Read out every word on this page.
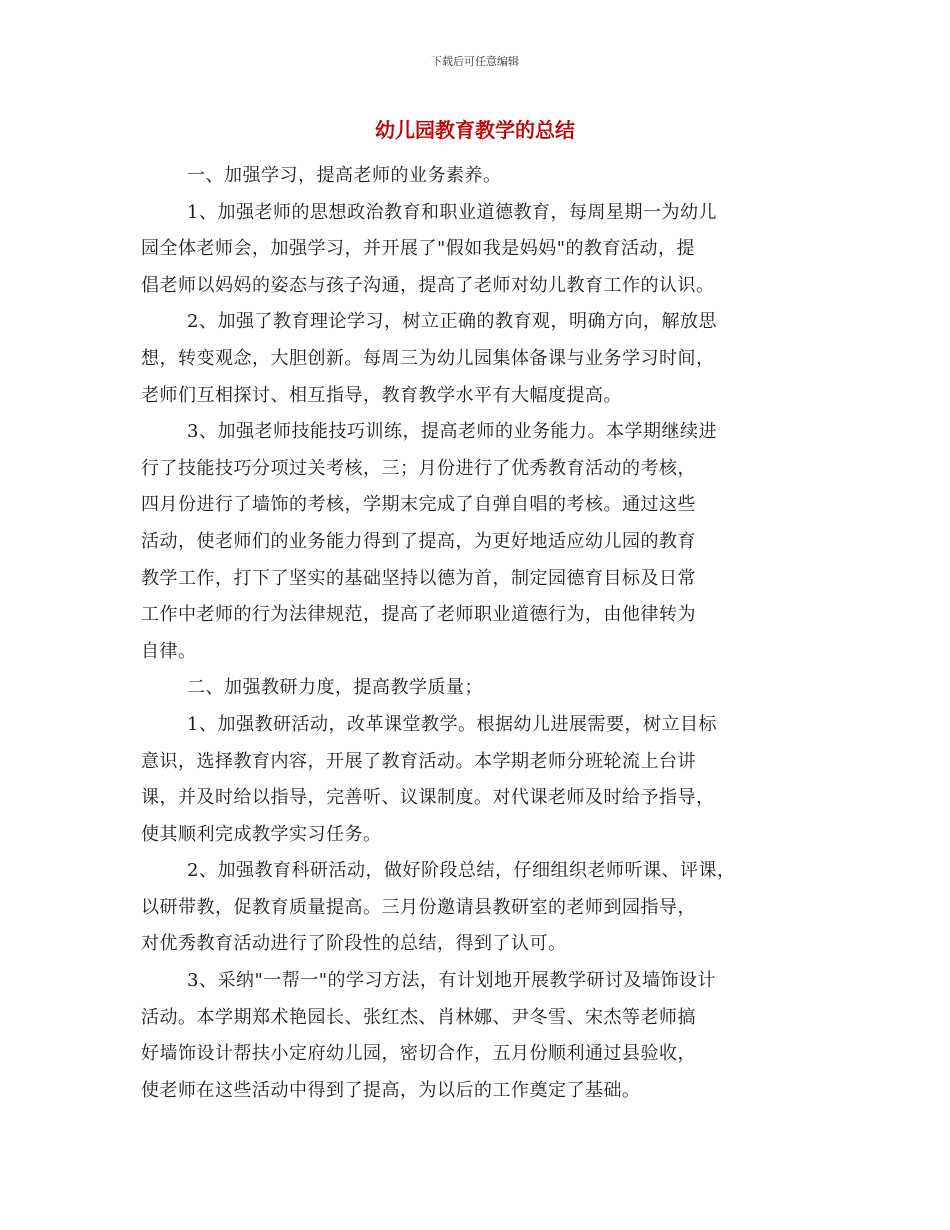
下载后可任意编辑
幼儿园教育教学的总结
一、加强学习，提高老师的业务素养。
1、加强老师的思想政治教育和职业道德教育，每周星期一为幼儿
园全体老师会，加强学习，并开展了"假如我是妈妈"的教育活动，提
倡老师以妈妈的姿态与孩子沟通，提高了老师对幼儿教育工作的认识。
2、加强了教育理论学习，树立正确的教育观，明确方向，解放思
想，转变观念，大胆创新。每周三为幼儿园集体备课与业务学习时间，
老师们互相探讨、相互指导，教育教学水平有大幅度提高。
3、加强老师技能技巧训练，提高老师的业务能力。本学期继续进
行了技能技巧分项过关考核，三；月份进行了优秀教育活动的考核，
四月份进行了墙饰的考核，学期末完成了自弹自唱的考核。通过这些
活动，使老师们的业务能力得到了提高，为更好地适应幼儿园的教育
教学工作，打下了坚实的基础坚持以德为首，制定园德育目标及日常
工作中老师的行为法律规范，提高了老师职业道德行为，由他律转为
自律。
二、加强教研力度，提高教学质量；
1、加强教研活动，改革课堂教学。根据幼儿进展需要，树立目标
意识，选择教育内容，开展了教育活动。本学期老师分班轮流上台讲
课，并及时给以指导，完善听、议课制度。对代课老师及时给予指导，
使其顺利完成教学实习任务。
2、加强教育科研活动，做好阶段总结，仔细组织老师听课、评课，
以研带教，促教育质量提高。三月份邀请县教研室的老师到园指导，
对优秀教育活动进行了阶段性的总结，得到了认可。
3、采纳"一帮一"的学习方法，有计划地开展教学研讨及墙饰设计
活动。本学期郑术艳园长、张红杰、肖林娜、尹冬雪、宋杰等老师搞
好墙饰设计帮扶小定府幼儿园，密切合作，五月份顺利通过县验收，
使老师在这些活动中得到了提高，为以后的工作奠定了基础。
